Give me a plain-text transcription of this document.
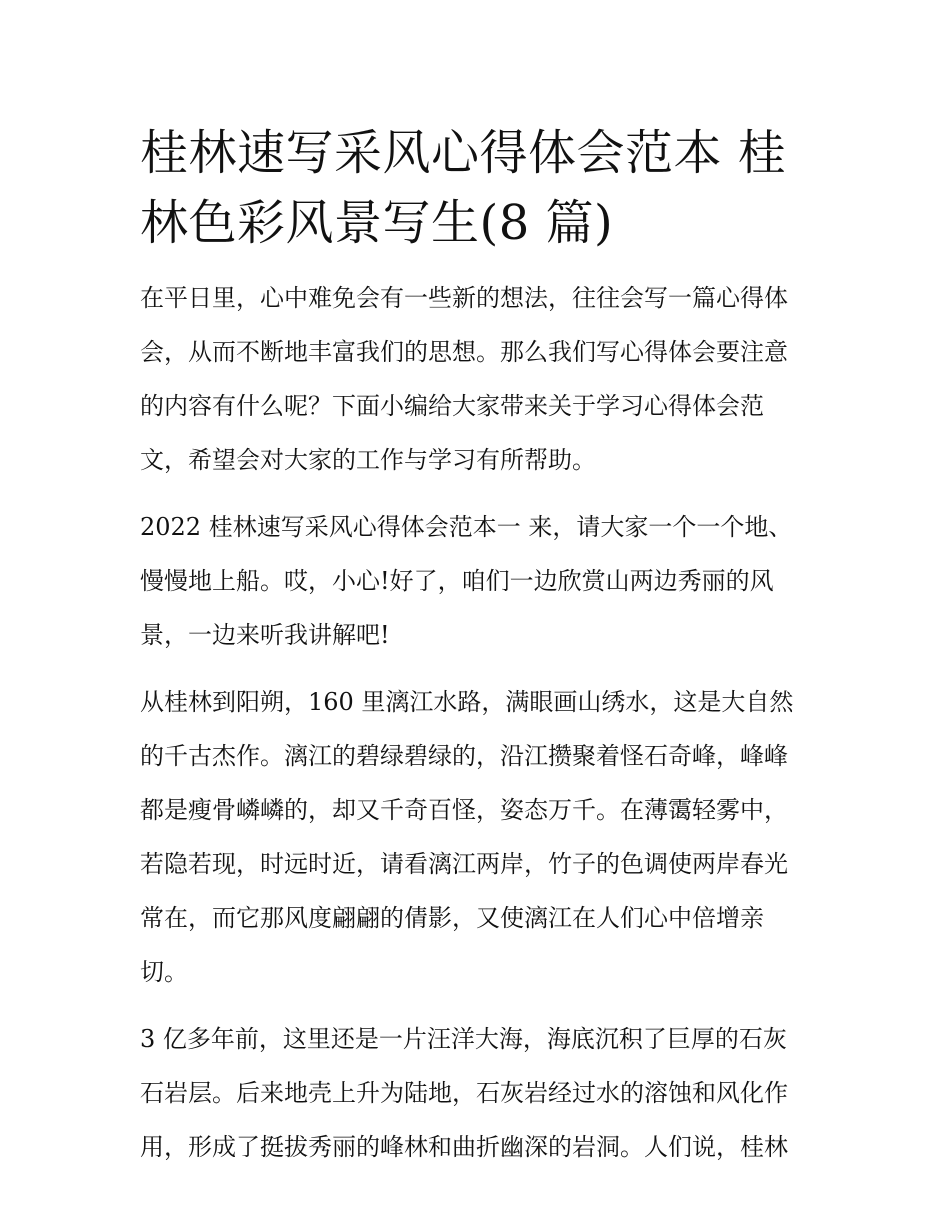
桂林速写采风心得体会范本 桂
林色彩风景写生(8 篇)

在平日里，心中难免会有一些新的想法，往往会写一篇心得体
会，从而不断地丰富我们的思想。那么我们写心得体会要注意
的内容有什么呢？下面小编给大家带来关于学习心得体会范
文，希望会对大家的工作与学习有所帮助。

2022 桂林速写采风心得体会范本一 来，请大家一个一个地、
慢慢地上船。哎，小心!好了，咱们一边欣赏山两边秀丽的风
景，一边来听我讲解吧!

从桂林到阳朔，160 里漓江水路，满眼画山绣水，这是大自然
的千古杰作。漓江的碧绿碧绿的，沿江攒聚着怪石奇峰，峰峰
都是瘦骨嶙嶙的，却又千奇百怪，姿态万千。在薄霭轻雾中，
若隐若现，时远时近，请看漓江两岸，竹子的色调使两岸春光
常在，而它那风度翩翩的倩影，又使漓江在人们心中倍增亲
切。

3 亿多年前，这里还是一片汪洋大海，海底沉积了巨厚的石灰
石岩层。后来地壳上升为陆地，石灰岩经过水的溶蚀和风化作
用，形成了挺拔秀丽的峰林和曲折幽深的岩洞。人们说，桂林
